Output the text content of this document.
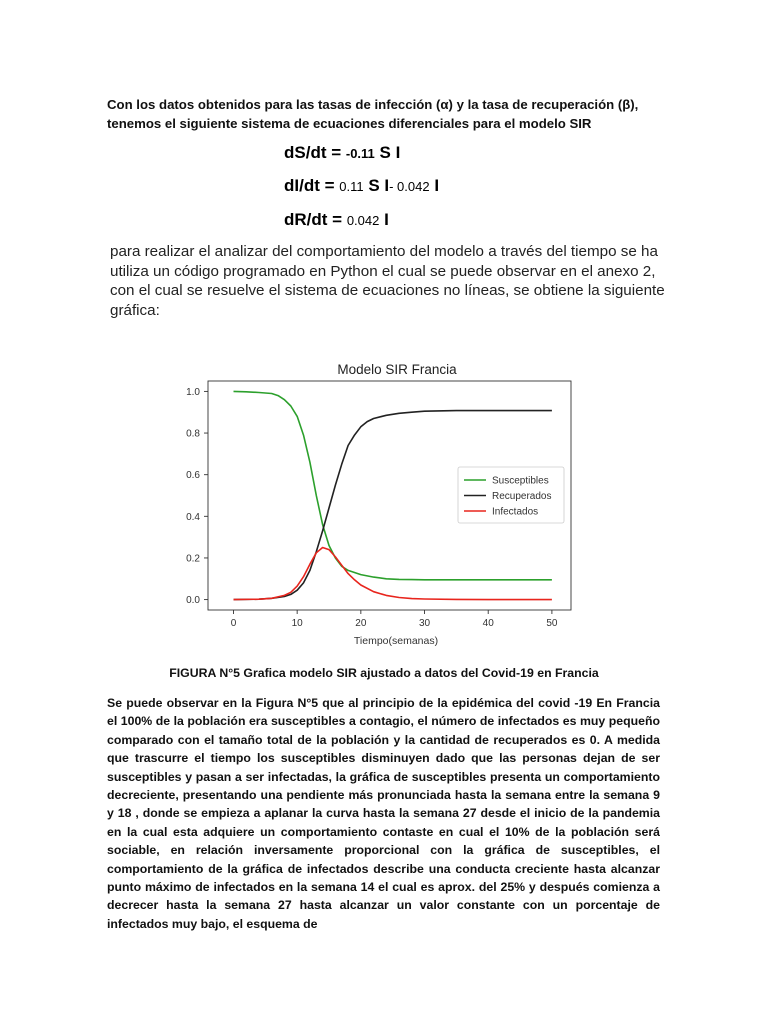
Con los datos obtenidos para las tasas de infección (α) y la tasa de recuperación (β),

tenemos el siguiente sistema de ecuaciones diferenciales para el modelo SIR

dS/dt = -0.11 S I
dI/dt = 0.11 S I- 0.042 I
dR/dt = 0.042 I

para realizar el analizar del comportamiento del modelo a través del tiempo se ha utiliza un código programado en Python el cual se puede observar en el anexo 2, con el cual se resuelve el sistema de ecuaciones no líneas, se obtiene la siguiente gráfica:

Modelo SIR Francia
0	10	20	30	40	50
0.0
0.2
0.4
0.6
0.8
1.0
Tiempo(semanas)
Susceptibles
Recuperados
Infectados
FIGURA N°5 Grafica modelo SIR ajustado a datos del Covid-19 en Francia

Se puede observar en la Figura N°5 que al principio de la epidémica del covid -19 En Francia el 100% de la población era susceptibles a contagio, el número de infectados es muy pequeño comparado con el tamaño total de la población y la cantidad de recuperados es 0. A medida que trascurre el tiempo los susceptibles disminuyen dado que las personas dejan de ser susceptibles y pasan a ser infectadas, la gráfica de susceptibles presenta un comportamiento decreciente, presentando una pendiente más pronunciada hasta la semana entre la semana 9 y 18 , donde se empieza a aplanar la curva hasta la semana 27 desde el inicio de la pandemia en la cual esta adquiere un comportamiento contaste en cual el 10% de la población será sociable, en relación inversamente proporcional con la gráfica de susceptibles, el comportamiento de la gráfica de infectados describe una conducta creciente hasta alcanzar punto máximo de infectados en la semana 14 el cual es aprox. del 25% y después comienza a decrecer hasta la semana 27 hasta alcanzar un valor constante con un porcentaje de infectados muy bajo, el esquema de
